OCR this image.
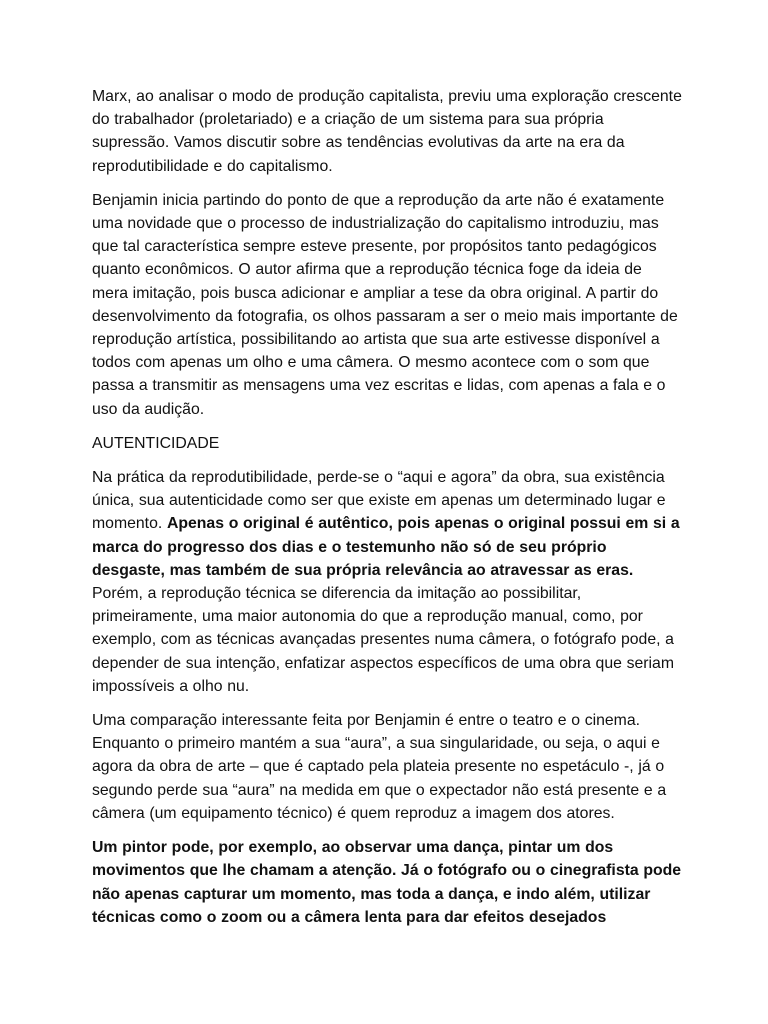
Marx, ao analisar o modo de produção capitalista, previu uma exploração crescente do trabalhador (proletariado) e a criação de um sistema para sua própria supressão. Vamos discutir sobre as tendências evolutivas da arte na era da reprodutibilidade e do capitalismo.

Benjamin inicia partindo do ponto de que a reprodução da arte não é exatamente uma novidade que o processo de industrialização do capitalismo introduziu, mas que tal característica sempre esteve presente, por propósitos tanto pedagógicos quanto econômicos. O autor afirma que a reprodução técnica foge da ideia de mera imitação, pois busca adicionar e ampliar a tese da obra original. A partir do desenvolvimento da fotografia, os olhos passaram a ser o meio mais importante de reprodução artística, possibilitando ao artista que sua arte estivesse disponível a todos com apenas um olho e uma câmera. O mesmo acontece com o som que passa a transmitir as mensagens uma vez escritas e lidas, com apenas a fala e o uso da audição.

AUTENTICIDADE

Na prática da reprodutibilidade, perde-se o “aqui e agora” da obra, sua existência única, sua autenticidade como ser que existe em apenas um determinado lugar e momento. Apenas o original é autêntico, pois apenas o original possui em si a marca do progresso dos dias e o testemunho não só de seu próprio desgaste, mas também de sua própria relevância ao atravessar as eras. Porém, a reprodução técnica se diferencia da imitação ao possibilitar, primeiramente, uma maior autonomia do que a reprodução manual, como, por exemplo, com as técnicas avançadas presentes numa câmera, o fotógrafo pode, a depender de sua intenção, enfatizar aspectos específicos de uma obra que seriam impossíveis a olho nu.

Uma comparação interessante feita por Benjamin é entre o teatro e o cinema. Enquanto o primeiro mantém a sua “aura”, a sua singularidade, ou seja, o aqui e agora da obra de arte – que é captado pela plateia presente no espetáculo -, já o segundo perde sua “aura” na medida em que o expectador não está presente e a câmera (um equipamento técnico) é quem reproduz a imagem dos atores.

Um pintor pode, por exemplo, ao observar uma dança, pintar um dos movimentos que lhe chamam a atenção. Já o fotógrafo ou o cinegrafista pode não apenas capturar um momento, mas toda a dança, e indo além, utilizar técnicas como o zoom ou a câmera lenta para dar efeitos desejados
